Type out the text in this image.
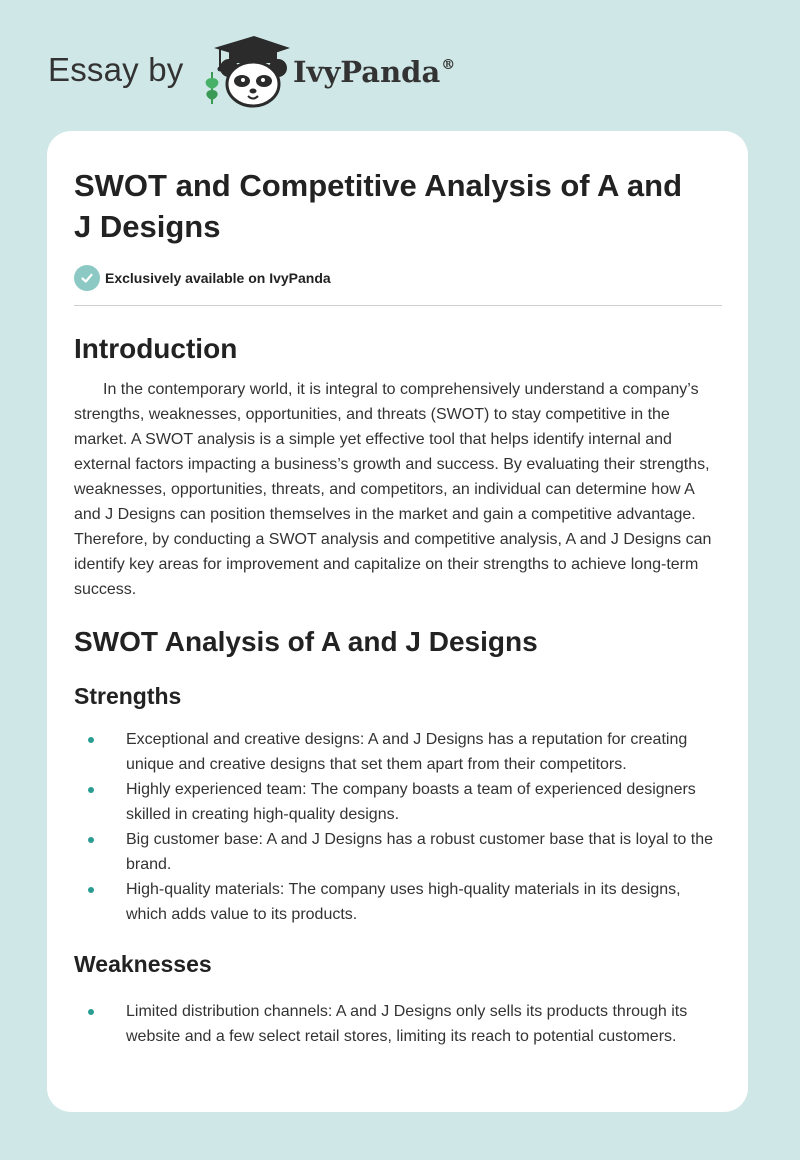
Essay by	IvyPanda®
SWOT and Competitive Analysis of A and J Designs
Exclusively available on IvyPanda
Introduction

In the contemporary world, it is integral to comprehensively understand a company’s strengths, weaknesses, opportunities, and threats (SWOT) to stay competitive in the market. A SWOT analysis is a simple yet effective tool that helps identify internal and external factors impacting a business’s growth and success. By evaluating their strengths, weaknesses, opportunities, threats, and competitors, an individual can determine how A and J Designs can position themselves in the market and gain a competitive advantage. Therefore, by conducting a SWOT analysis and competitive analysis, A and J Designs can identify key areas for improvement and capitalize on their strengths to achieve long-term success.

SWOT Analysis of A and J Designs
Strengths
Exceptional and creative designs: A and J Designs has a reputation for creating unique and creative designs that set them apart from their competitors.
Highly experienced team: The company boasts a team of experienced designers skilled in creating high-quality designs.
Big customer base: A and J Designs has a robust customer base that is loyal to the brand.
High-quality materials: The company uses high-quality materials in its designs, which adds value to its products.
Weaknesses
Limited distribution channels: A and J Designs only sells its products through its website and a few select retail stores, limiting its reach to potential customers.
